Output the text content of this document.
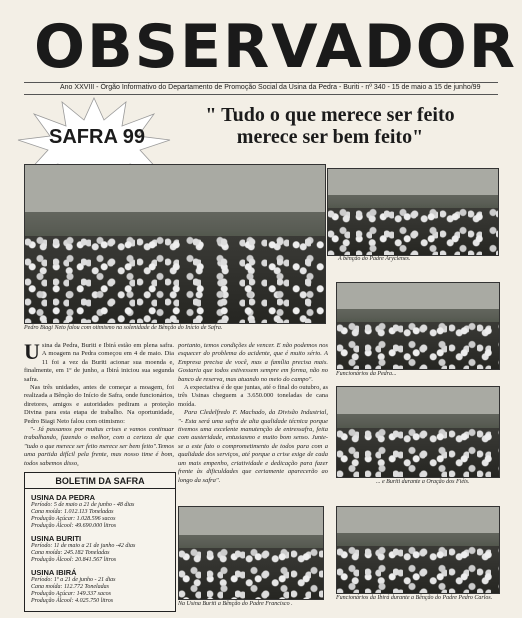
OBSERVADOR
Ano XXVIII - Órgão Informativo do Departamento de Promoção Social da Usina da Pedra - Buriti - nº 340 - 15 de maio a 15 de junho/99
SAFRA 99
" Tudo o que merece ser feito
merece ser bem feito"
Pedro Biagi Neto falou com otimismo na solenidade de Bênção do Início de Safra.
A bênção do Padre Aryclenes.
Funcionários da Pedra...
... e Buriti durante a Oração dos Fiéis.

Usina da Pedra, Buriti e Ibirá estão em plena safra. A moagem na Pedra começou em 4 de maio. Dia 11 foi a vez da Buriti acionar sua moenda e, finalmente, em 1º de junho, a Ibirá iniciou sua segunda safra.

Nas três unidades, antes de começar a moagem, foi realizada a Bênção do Início de Safra, onde funcionários, diretores, amigos e autoridades pediram a proteção Divina para esta etapa de trabalho. Na oportunidade, Pedro Biagi Neto falou com otimismo:

"- Já passamos por muitas crises e vamos continuar trabalhando, fazendo o melhor, com a certeza de que "tudo o que merece ser feito merece ser bem feito".Temos uma partida difícil pela frente, mas nosso time é bom, todos sabemos disso,

portanto, temos condições de vencer. E não podemos nos esquecer do problema do acidente, que é muito sério. A Empresa precisa de você, mas a família precisa mais. Gostaria que todos estivessem sempre em forma, não no banco de reserva, mas atuando no meio do campo".

A expectativa é de que juntas, até o final do outubro, as três Usinas cheguem a 3.650.000 toneladas de cana moída.

Para Cledelfredo F. Machado, da Divisão Industrial, "- Esta será uma safra de alta qualidade técnica porque tivemos uma excelente manutenção de entressafra, feita com austeridade, entusiasmo e muito bom senso. Junte-se a este fato o comprometimento de todos para com a qualidade dos serviços, até porque a crise exige de cada um mais empenho, criatividade e dedicação para fazer frente às dificuldades que certamente aparecerão ao longo da safra".

BOLETIM DA SAFRA
USINA DA PEDRA
Período: 5 de maio a 21 de junho - 48 dias
Cana moída: 1.012.113 Toneladas
Produção Açúcar: 1.028.596 sacos
Produção Álcool: 49.690.000 litros
USINA BURITI
Período: 11 de maio a 21 de junho -42 dias
Cana moída: 245.182 Toneladas
Produção Álcool: 20.841.567 litros
USINA IBIRÁ
Período: 1º a 21 de junho - 21 dias
Cana moída: 112.772 Toneladas
Produção Açúcar: 149.337 sacos
Produção Álcool: 4.025.750 litros	Na Usina Buriti a Bênção do Padre Francisco .
Funcionários da Ibirá durante a Bênção do Padre Pedro Carlos.
